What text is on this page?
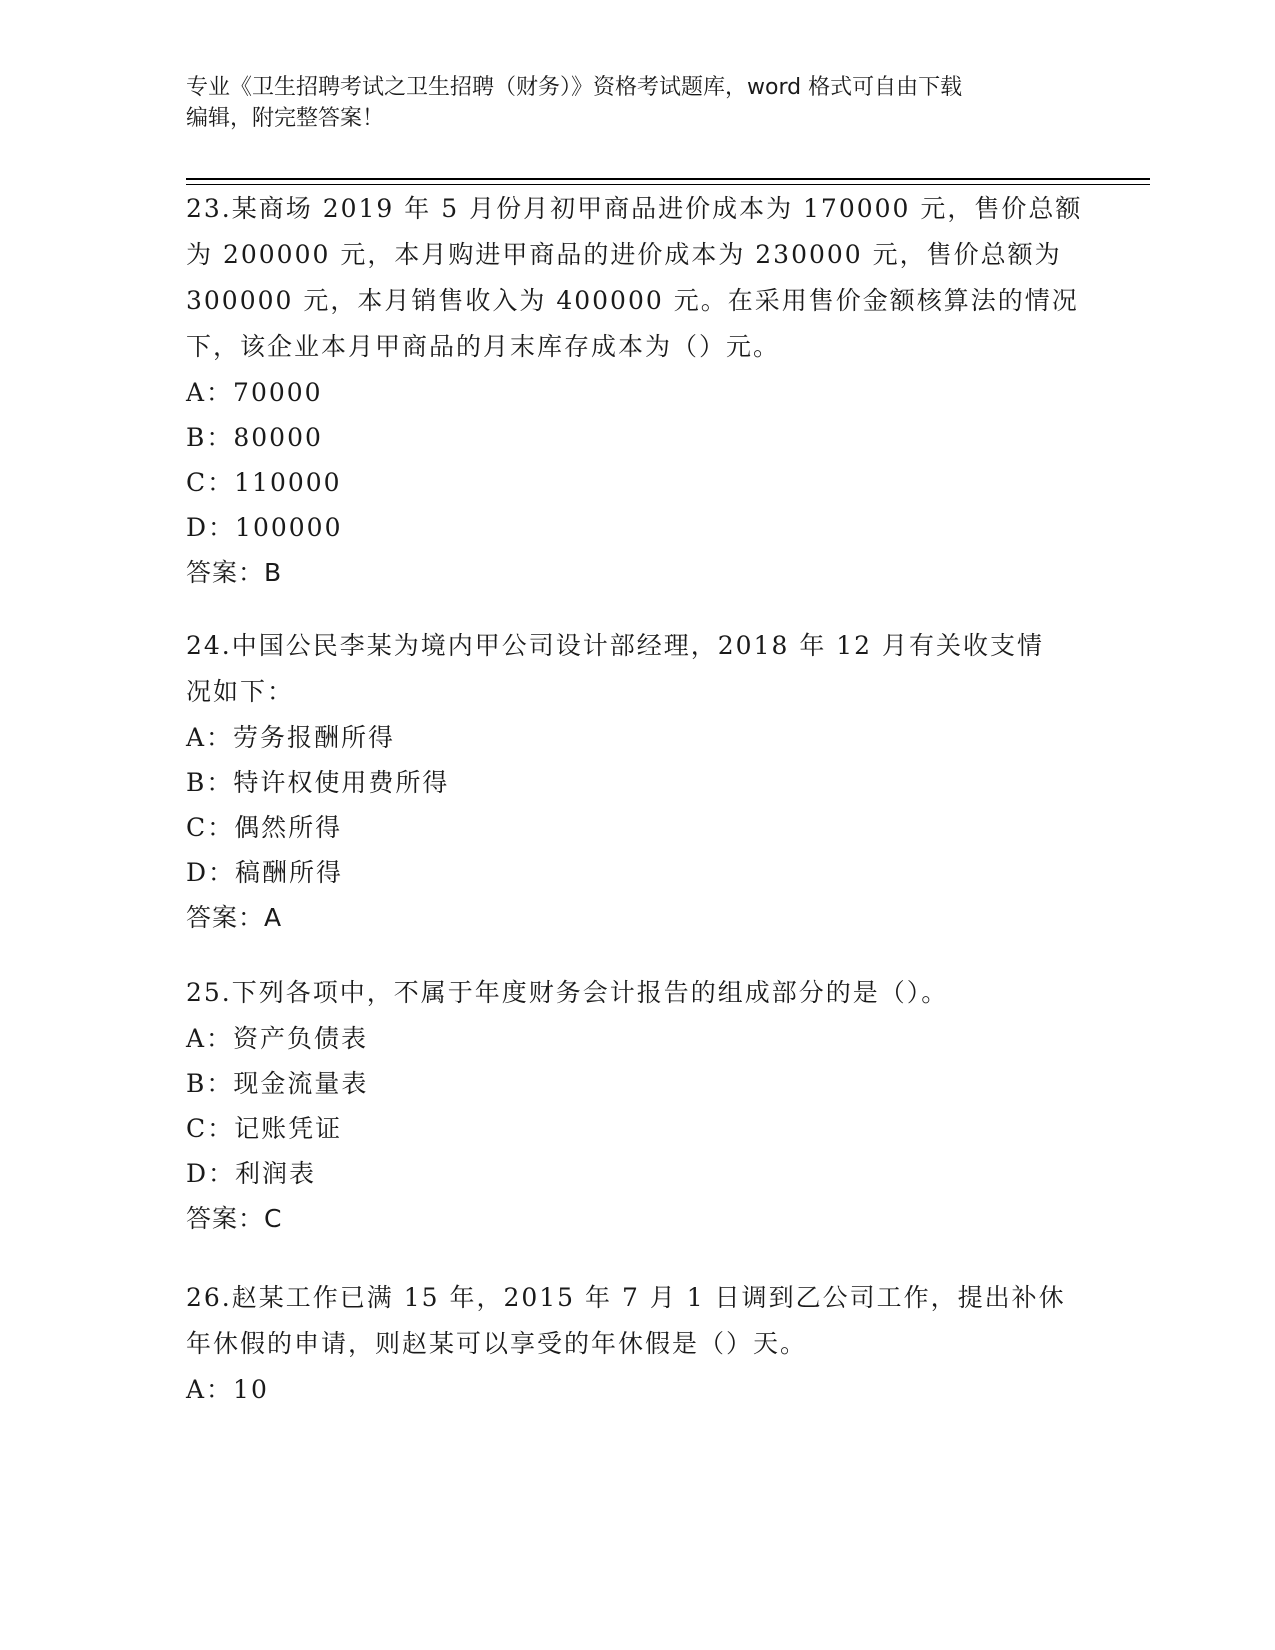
专业《卫生招聘考试之卫生招聘（财务）》资格考试题库，word 格式可自由下载
编辑，附完整答案！
23.某商场 2019 年 5 月份月初甲商品进价成本为 170000 元，售价总额
为 200000 元，本月购进甲商品的进价成本为 230000 元，售价总额为
300000 元，本月销售收入为 400000 元。在采用售价金额核算法的情况
下，该企业本月甲商品的月末库存成本为（）元。
A：70000
B：80000
C：110000
D：100000
答案：B
24.中国公民李某为境内甲公司设计部经理，2018 年 12 月有关收支情
况如下：
A：劳务报酬所得
B：特许权使用费所得
C：偶然所得
D：稿酬所得
答案：A
25.下列各项中，不属于年度财务会计报告的组成部分的是（）。
A：资产负债表
B：现金流量表
C：记账凭证
D：利润表
答案：C
26.赵某工作已满 15 年，2015 年 7 月 1 日调到乙公司工作，提出补休
年休假的申请，则赵某可以享受的年休假是（）天。
A：10
